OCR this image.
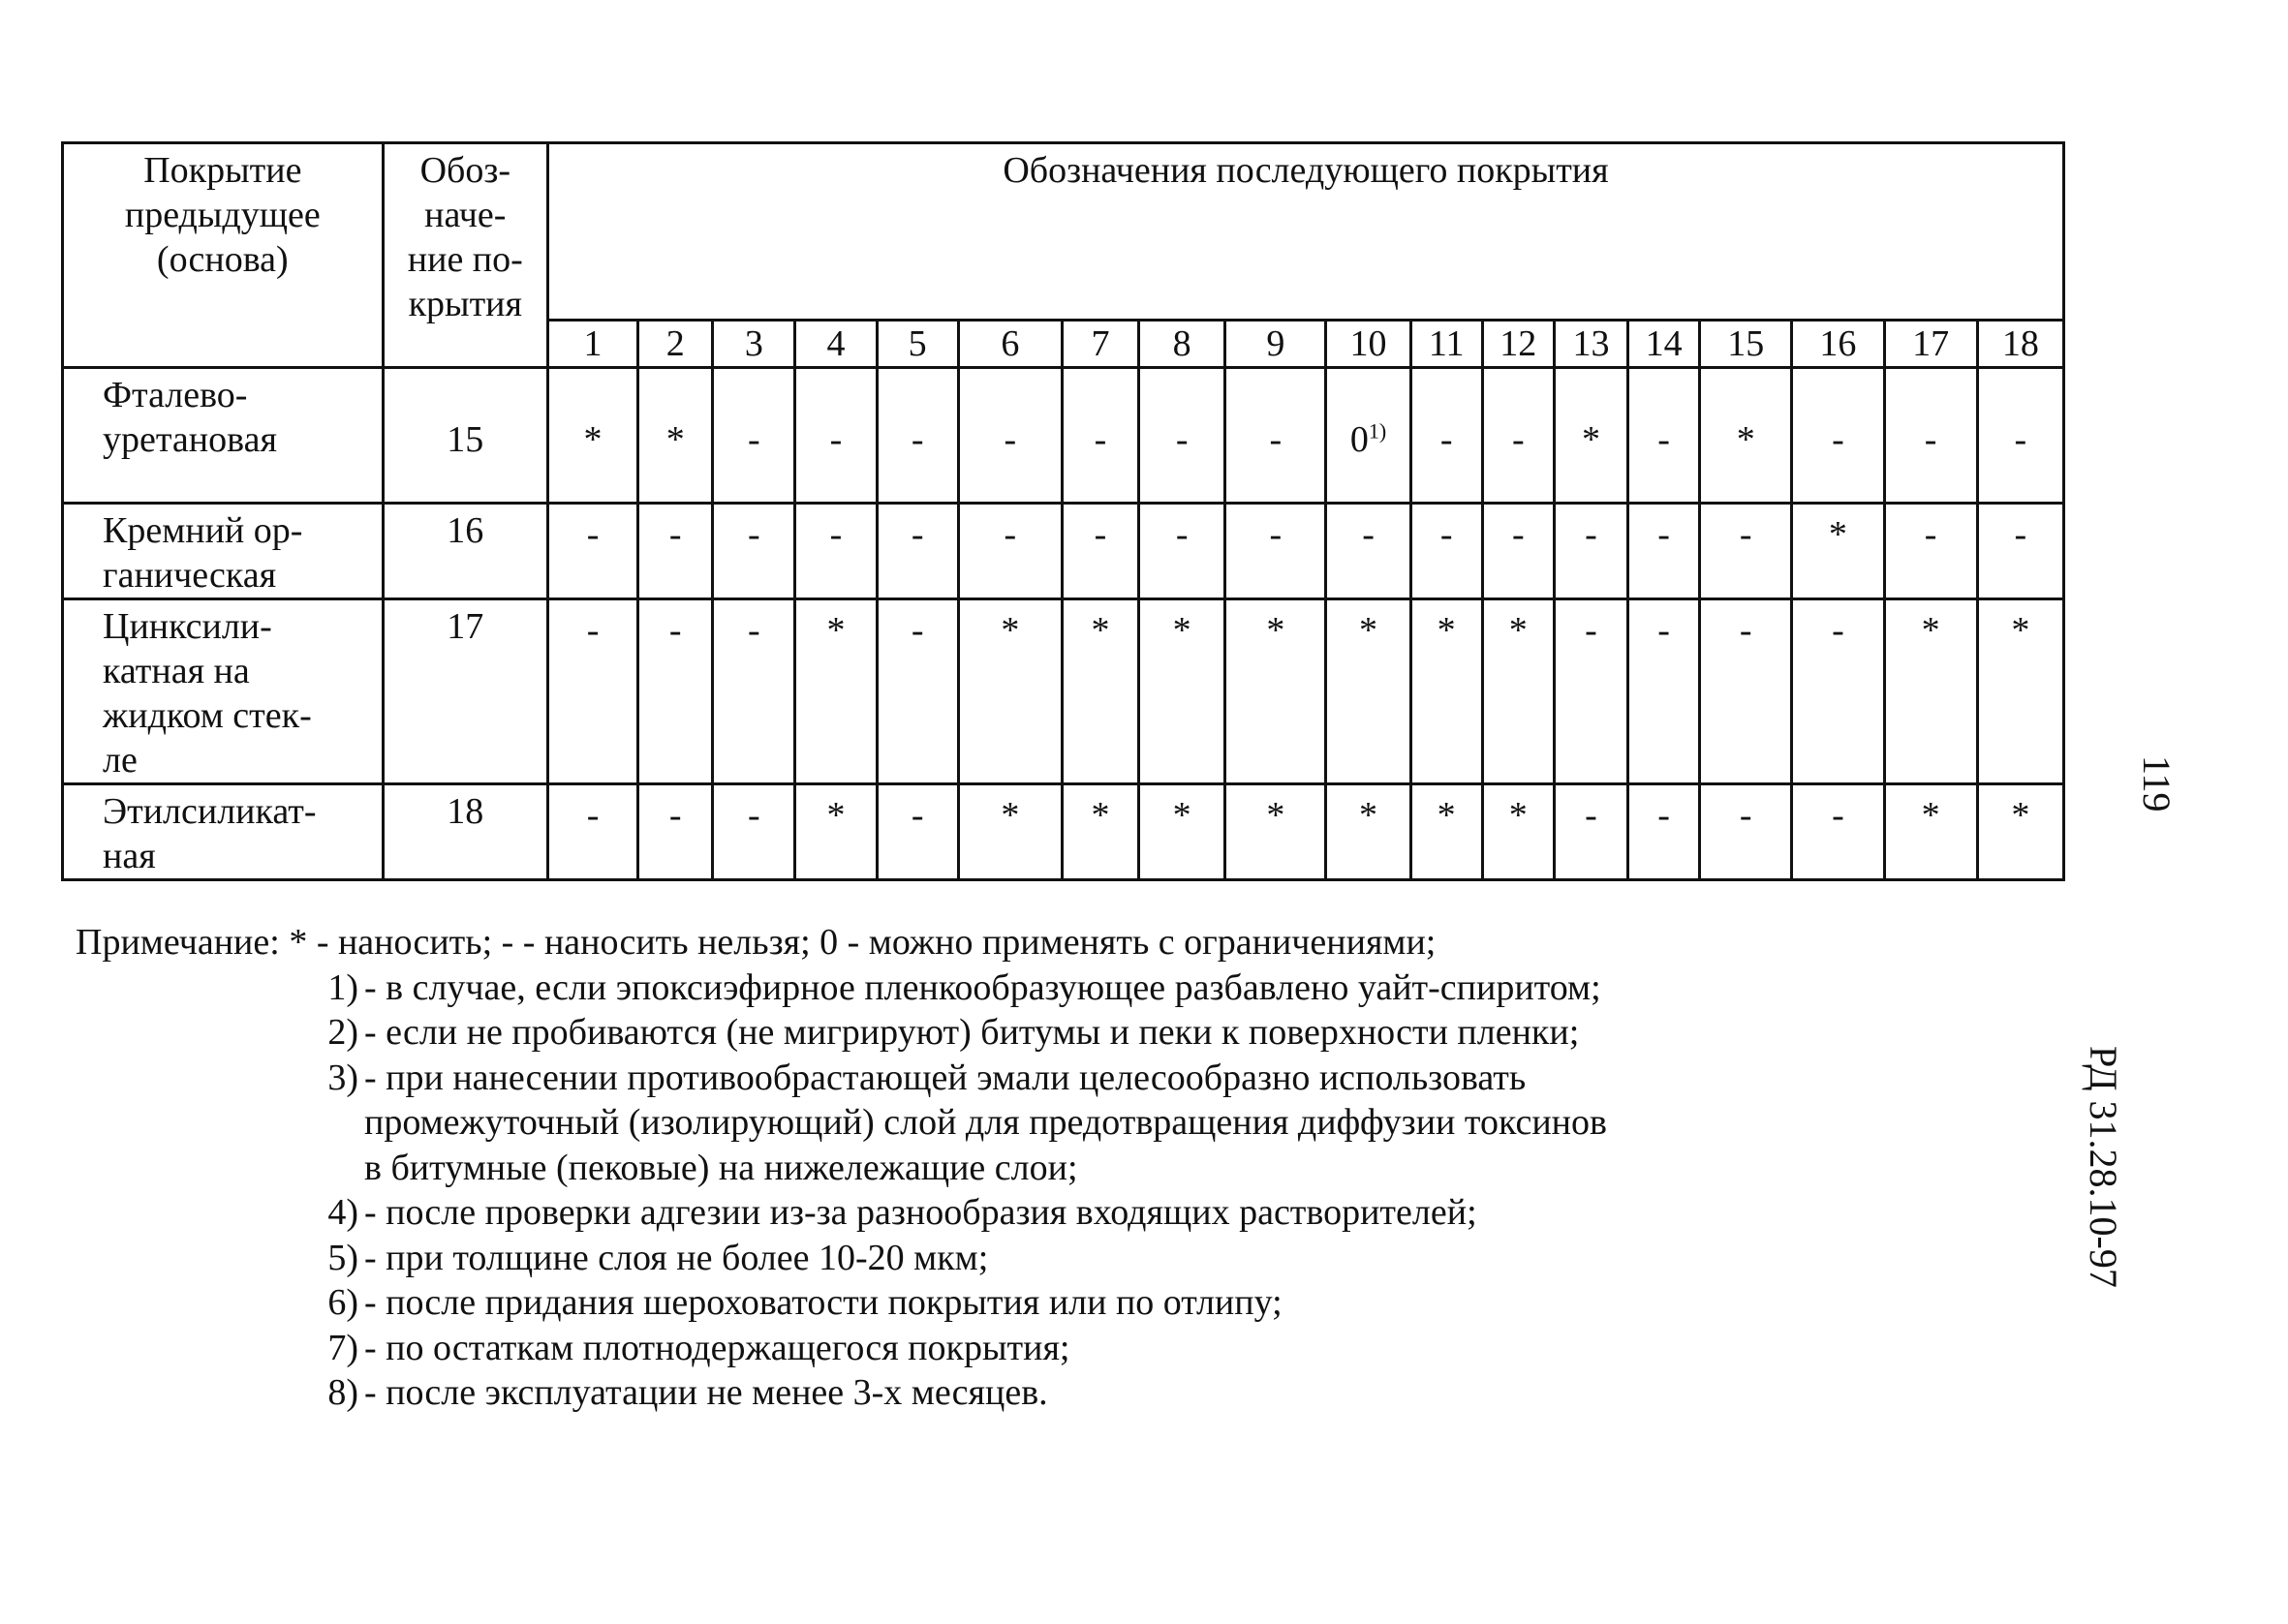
Покрытие
предыдущее
(основа)	Обоз-
наче-
ние по-
крытия	Обозначения последующего покрытия																	
		1	2	3	4	5	6	7	8	9	10	11	12	13	14	15	16	17	18
Фталево-
уретановая	15	*	*	-	-	-	-	-	-	-	0$^{1)}$	-	-	*	-	*	-	-	-
Кремний ор-
ганическая	16	-	-	-	-	-	-	-	-	-	-	-	-	-	-	-	*	-	-
Цинксили-
катная на
жидком стек-
ле	17	-	-	-	*	-	*	*	*	*	*	*	*	-	-	-	-	*	*
Этилсиликат-
ная	18	-	-	-	*	-	*	*	*	*	*	*	*	-	-	-	-	*	*
Примечание: * - наносить; - - наносить нельзя; 0 - можно применять с ограничениями;
1) - в случае, если эпоксиэфирное пленкообразующее разбавлено уайт-спиритом;
2) - если не пробиваются (не мигрируют) битумы и пеки к поверхности пленки;
3) - при нанесении противообрастающей эмали целесообразно использовать
промежуточный (изолирующий) слой для предотвращения диффузии токсинов
в битумные (пековые) на нижележащие слои;
4) - после проверки адгезии из-за разнообразия входящих растворителей;
5) - при толщине слоя не более 10-20 мкм;
6) - после придания шероховатости покрытия или по отлипу;
7) - по остаткам плотнодержащегося покрытия;
8) - после эксплуатации не менее 3-х месяцев.
РД 31.28.10-97
119
